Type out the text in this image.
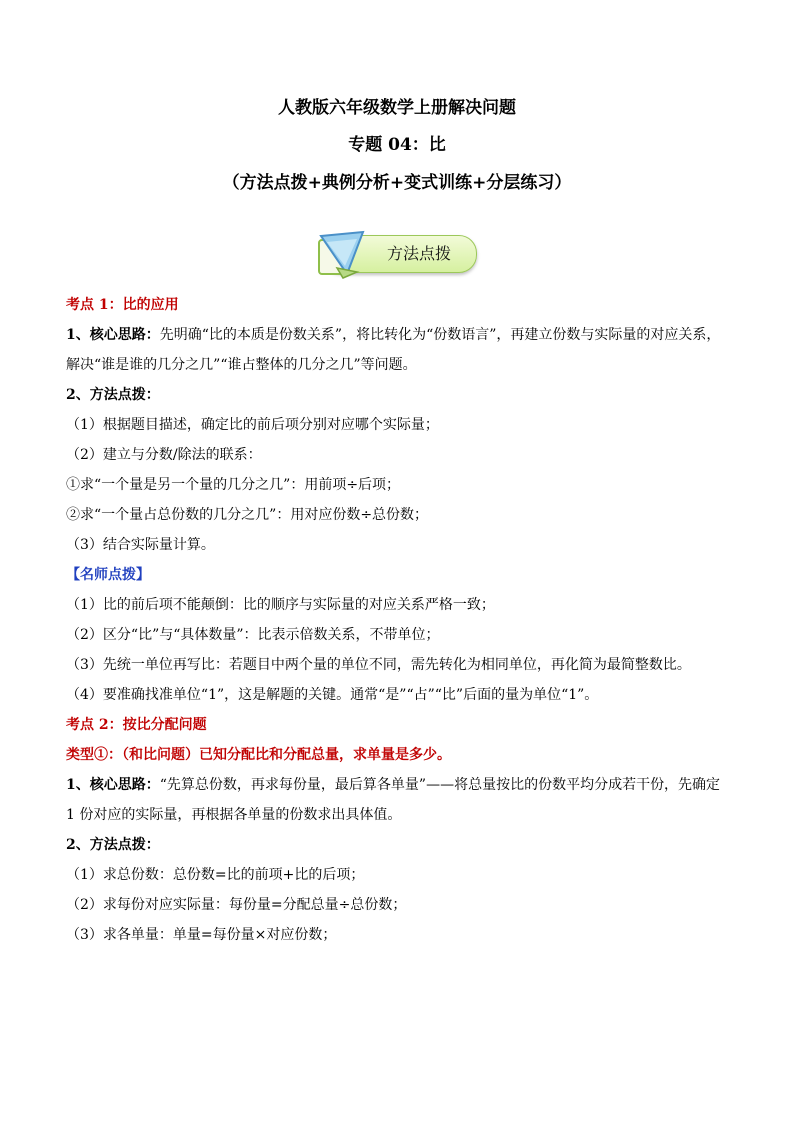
人教版六年级数学上册解决问题
专题 04：比
（方法点拨+典例分析+变式训练+分层练习）
方法点拨

考点 1：比的应用

1、核心思路：先明确“比的本质是份数关系”，将比转化为“份数语言”，再建立份数与实际量的对应关系，解决“谁是谁的几分之几”“谁占整体的几分之几”等问题。

2、方法点拨：

（1）根据题目描述，确定比的前后项分别对应哪个实际量；

（2）建立与分数/除法的联系：

①求“一个量是另一个量的几分之几”：用前项÷后项；

②求“一个量占总份数的几分之几”：用对应份数÷总份数；

（3）结合实际量计算。

【名师点拨】

（1）比的前后项不能颠倒：比的顺序与实际量的对应关系严格一致；

（2）区分“比”与“具体数量”：比表示倍数关系，不带单位；

（3）先统一单位再写比：若题目中两个量的单位不同，需先转化为相同单位，再化简为最简整数比。

（4）要准确找准单位“1”，这是解题的关键。通常“是”“占”“比”后面的量为单位“1”。

考点 2：按比分配问题

类型①：（和比问题）已知分配比和分配总量，求单量是多少。

1、核心思路：“先算总份数，再求每份量，最后算各单量”——将总量按比的份数平均分成若干份，先确定 1 份对应的实际量，再根据各单量的份数求出具体值。

2、方法点拨：

（1）求总份数：总份数=比的前项+比的后项；

（2）求每份对应实际量：每份量=分配总量÷总份数；

（3）求各单量：单量=每份量×对应份数；
